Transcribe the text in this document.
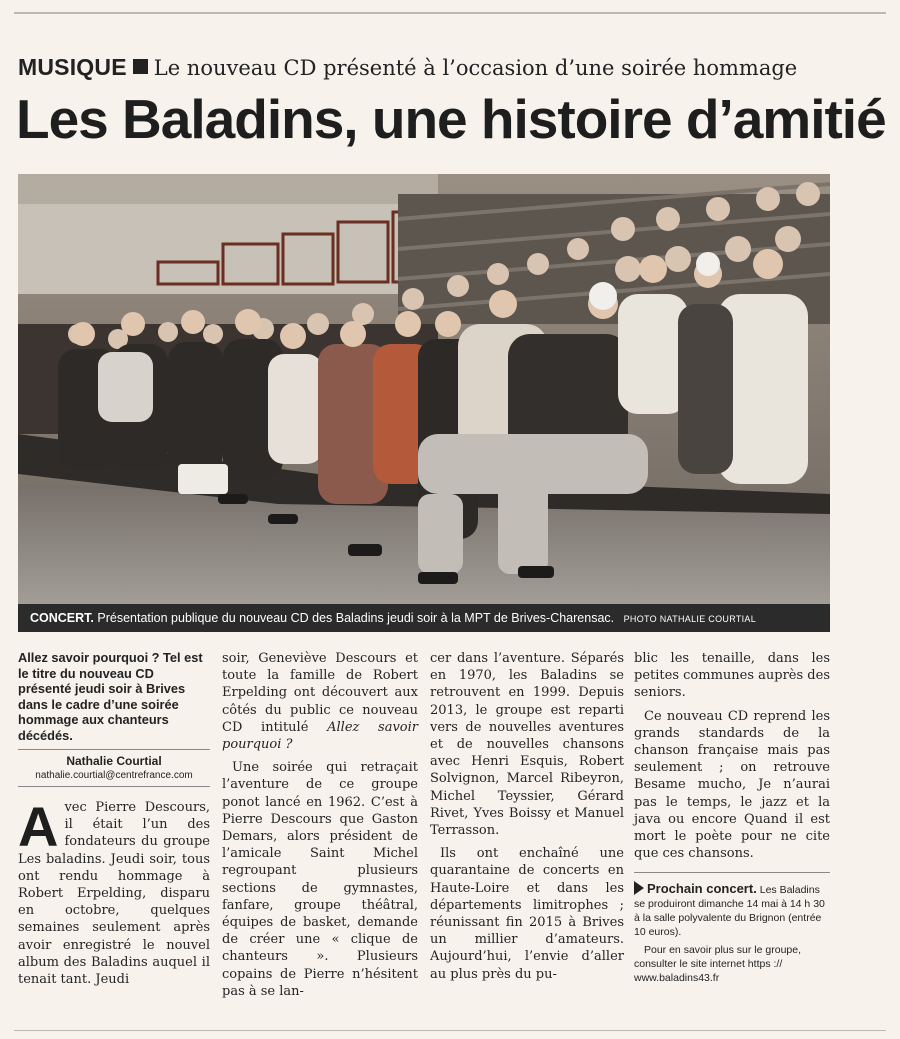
MUSIQUE Le nouveau CD présenté à l’occasion d’une soirée hommage
Les Baladins, une histoire d’amitié
CONCERT. Présentation publique du nouveau CD des Baladins jeudi soir à la MPT de Brives-Charensac. PHOTO NATHALIE COURTIAL

Allez savoir pourquoi ? Tel est le titre du nouveau CD présenté jeudi soir à Brives dans le cadre d’une soirée hommage aux chanteurs décédés.

Nathalie Courtial
nathalie.courtial@centrefrance.com

Avec Pierre Descours, il était l’un des fondateurs du groupe Les baladins. Jeudi soir, tous ont rendu hommage à Robert Erpelding, disparu en octobre, quelques semaines seulement après avoir enregistré le nouvel album des Baladins auquel il tenait tant. Jeudi

soir, Geneviève Descours et toute la famille de Robert Erpelding ont découvert aux côtés du public ce nouveau CD intitulé Allez savoir pourquoi ?

Une soirée qui retraçait l’aventure de ce groupe ponot lancé en 1962. C’est à Pierre Descours que Gaston Demars, alors président de l’amicale Saint Michel regroupant plusieurs sections de gymnastes, fanfare, groupe théâtral, équipes de basket, demande de créer une « clique de chanteurs ». Plusieurs copains de Pierre n’hésitent pas à se lan-

cer dans l’aventure. Séparés en 1970, les Baladins se retrouvent en 1999. Depuis 2013, le groupe est reparti vers de nouvelles aventures et de nouvelles chansons avec Henri Esquis, Robert Solvignon, Marcel Ribeyron, Michel Teyssier, Gérard Rivet, Yves Boissy et Manuel Terrasson.

Ils ont enchaîné une quarantaine de concerts en Haute-Loire et dans les départements limitrophes ; réunissant fin 2015 à Brives un millier d’amateurs. Aujourd’hui, l’envie d’aller au plus près du pu-

blic les tenaille, dans les petites communes auprès des seniors.

Ce nouveau CD reprend les grands standards de la chanson française mais pas seulement ; on retrouve Besame mucho, Je n’aurai pas le temps, le jazz et la java ou encore Quand il est mort le poète pour ne cite que ces chansons.

Prochain concert. Les Baladins se produiront dimanche 14 mai à 14 h 30 à la salle polyvalente du Brignon (entrée 10 euros).

Pour en savoir plus sur le groupe, consulter le site internet https :// www.baladins43.fr
